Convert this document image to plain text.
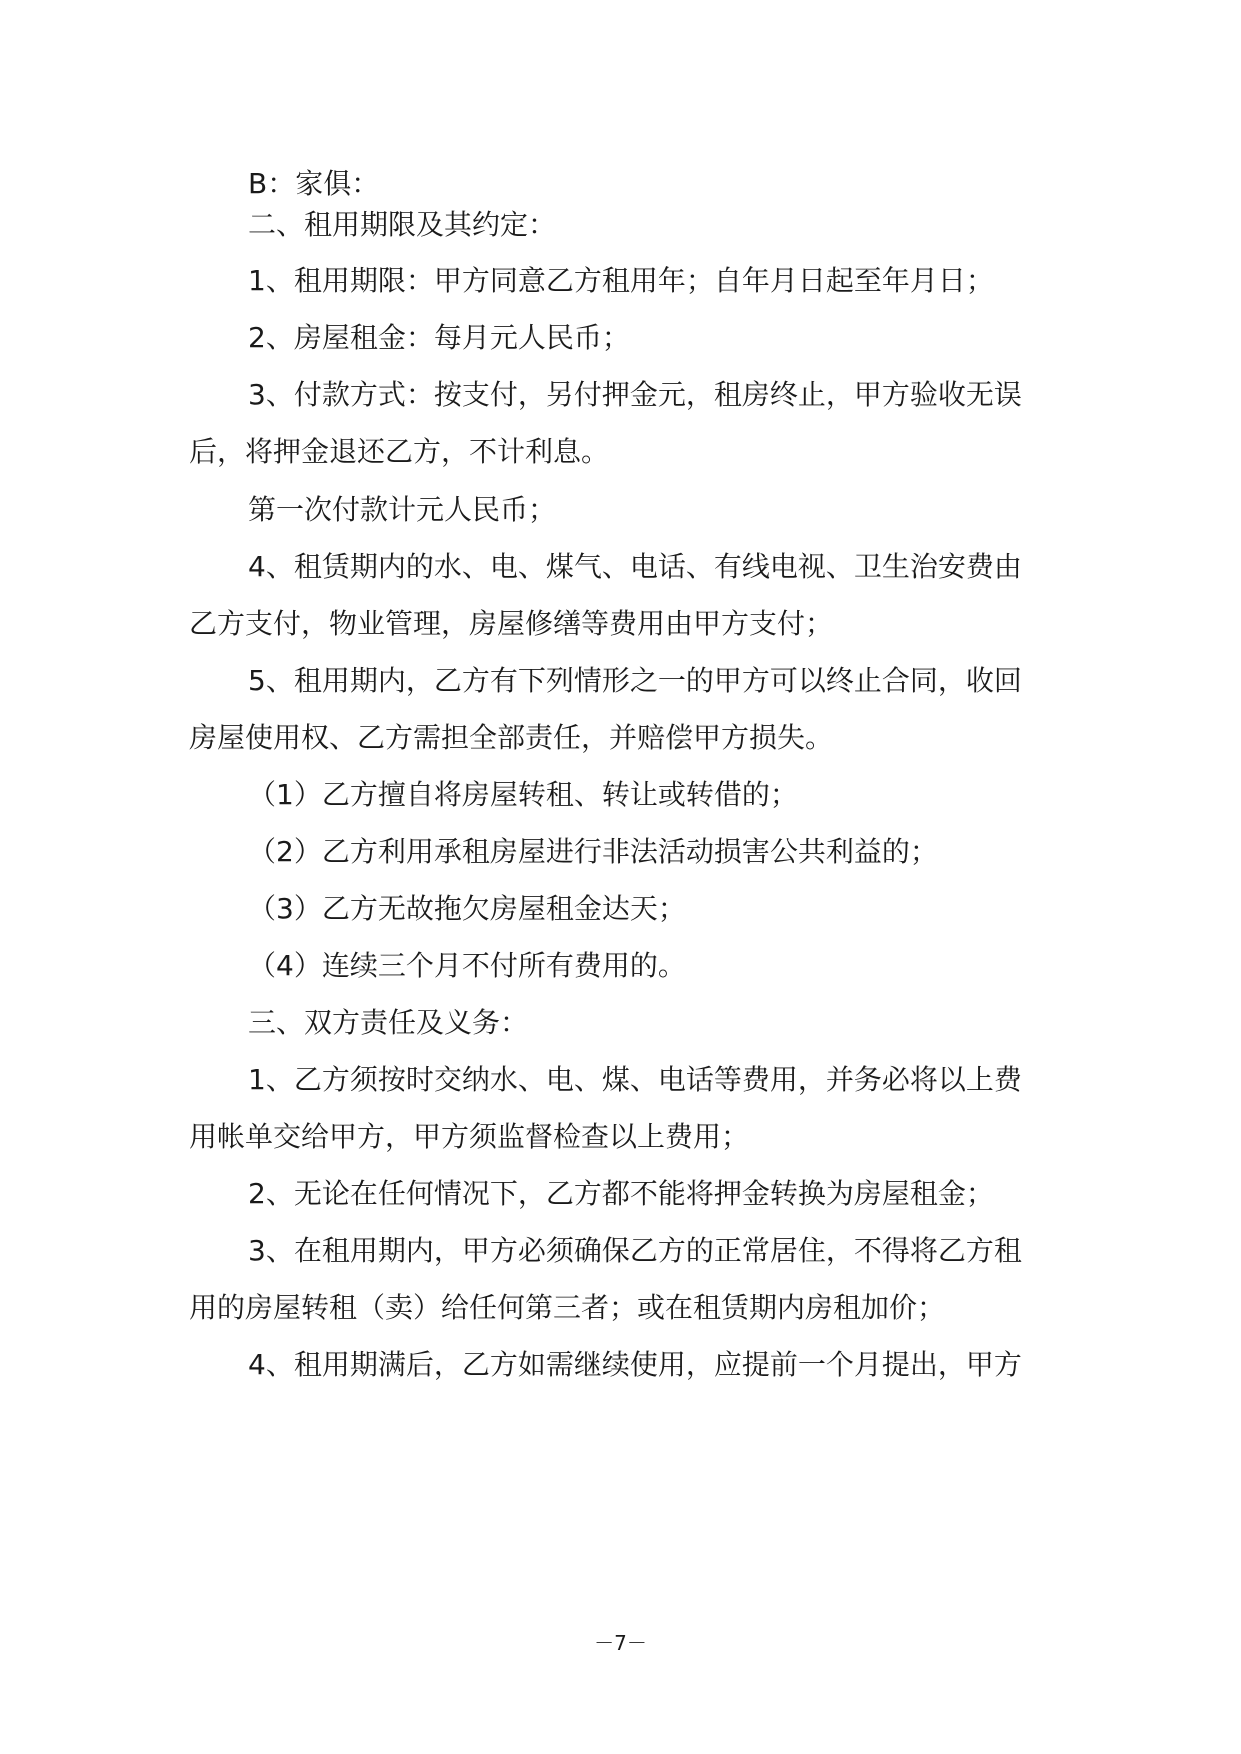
B：家俱：
二、租用期限及其约定：
1、租用期限：甲方同意乙方租用年；自年月日起至年月日；
2、房屋租金：每月元人民币；
3、付款方式：按支付，另付押金元，租房终止，甲方验收无误
后，将押金退还乙方，不计利息。
第一次付款计元人民币；
4、租赁期内的水、电、煤气、电话、有线电视、卫生治安费由
乙方支付，物业管理，房屋修缮等费用由甲方支付；
5、租用期内，乙方有下列情形之一的甲方可以终止合同，收回
房屋使用权、乙方需担全部责任，并赔偿甲方损失。
（1）乙方擅自将房屋转租、转让或转借的；
（2）乙方利用承租房屋进行非法活动损害公共利益的；
（3）乙方无故拖欠房屋租金达天；
（4）连续三个月不付所有费用的。
三、双方责任及义务：
1、乙方须按时交纳水、电、煤、电话等费用，并务必将以上费
用帐单交给甲方，甲方须监督检查以上费用；
2、无论在任何情况下，乙方都不能将押金转换为房屋租金；
3、在租用期内，甲方必须确保乙方的正常居住，不得将乙方租
用的房屋转租（卖）给任何第三者；或在租赁期内房租加价；
4、租用期满后，乙方如需继续使用，应提前一个月提出，甲方
－7－
